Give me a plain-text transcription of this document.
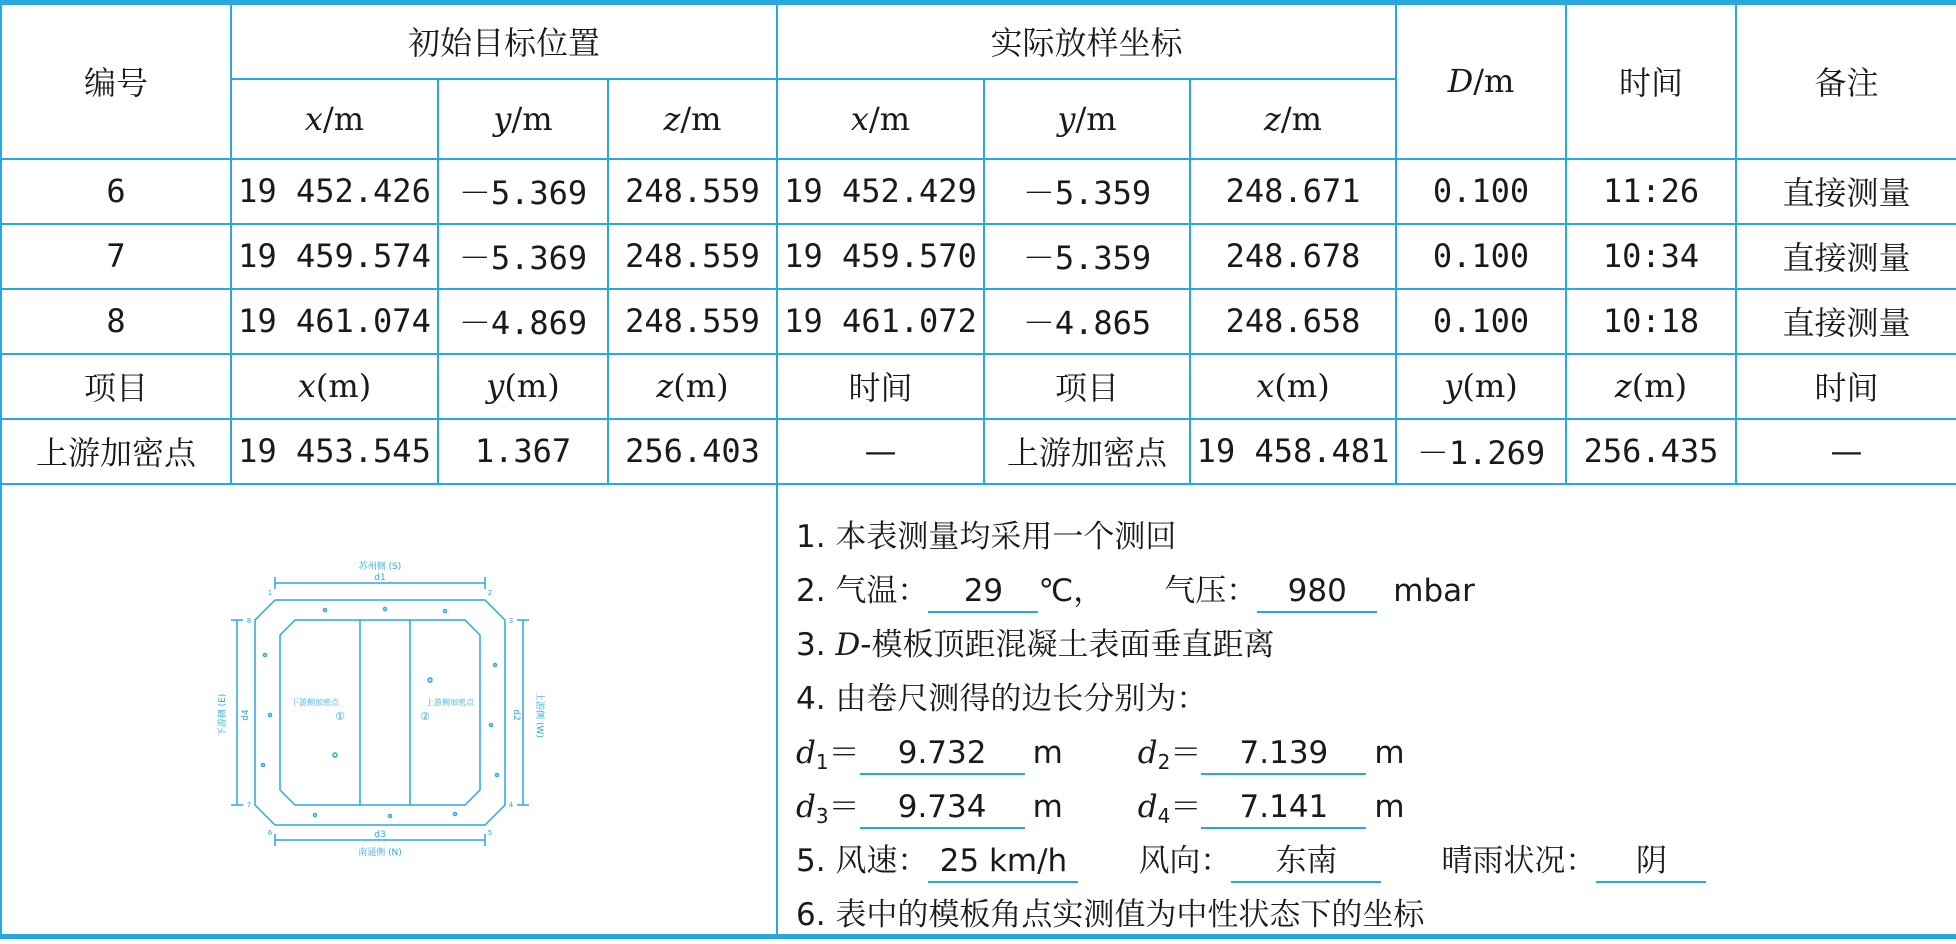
编号	初始目标位置			实际放样坐标			D/m	时间	备注
	x/m	y/m	z/m	x/m	y/m	z/m			
6	19 452.426	－5.369	248.559	19 452.429	－5.359	248.671	0.100	11:26	直接测量
7	19 459.574	－5.369	248.559	19 459.570	－5.359	248.678	0.100	10:34	直接测量
8	19 461.074	－4.869	248.559	19 461.072	－4.865	248.658	0.100	10:18	直接测量
项目	x(m)	y(m)	z(m)	时间	项目	x(m)	y(m)	z(m)	时间
上游加密点	19 453.545	1.367	256.403	—	上游加密点	19 458.481	－1.269	256.435	—

苏州侧 (S)
d1
南通侧 (N)
d3
下游侧 (E) d4	上游侧 (W)
d2
下游侧加密点
①
上游侧加密点
②
1	2
3
4
5
6
7
8
1. 本表测量均采用一个测回
2. 气温： 29 ℃， 气压： 980 mbar
3. D-模板顶距混凝土表面垂直距离
4. 由卷尺测得的边长分别为：
$d_1= 9.732$ m $d_2= 7.139$ m
$d_3= 9.734$ m $d_4= 7.141$ m
5. 风速： 25 km/h 风向： 东南	晴雨状况： 阴
6. 表中的模板角点实测值为中性状态下的坐标
